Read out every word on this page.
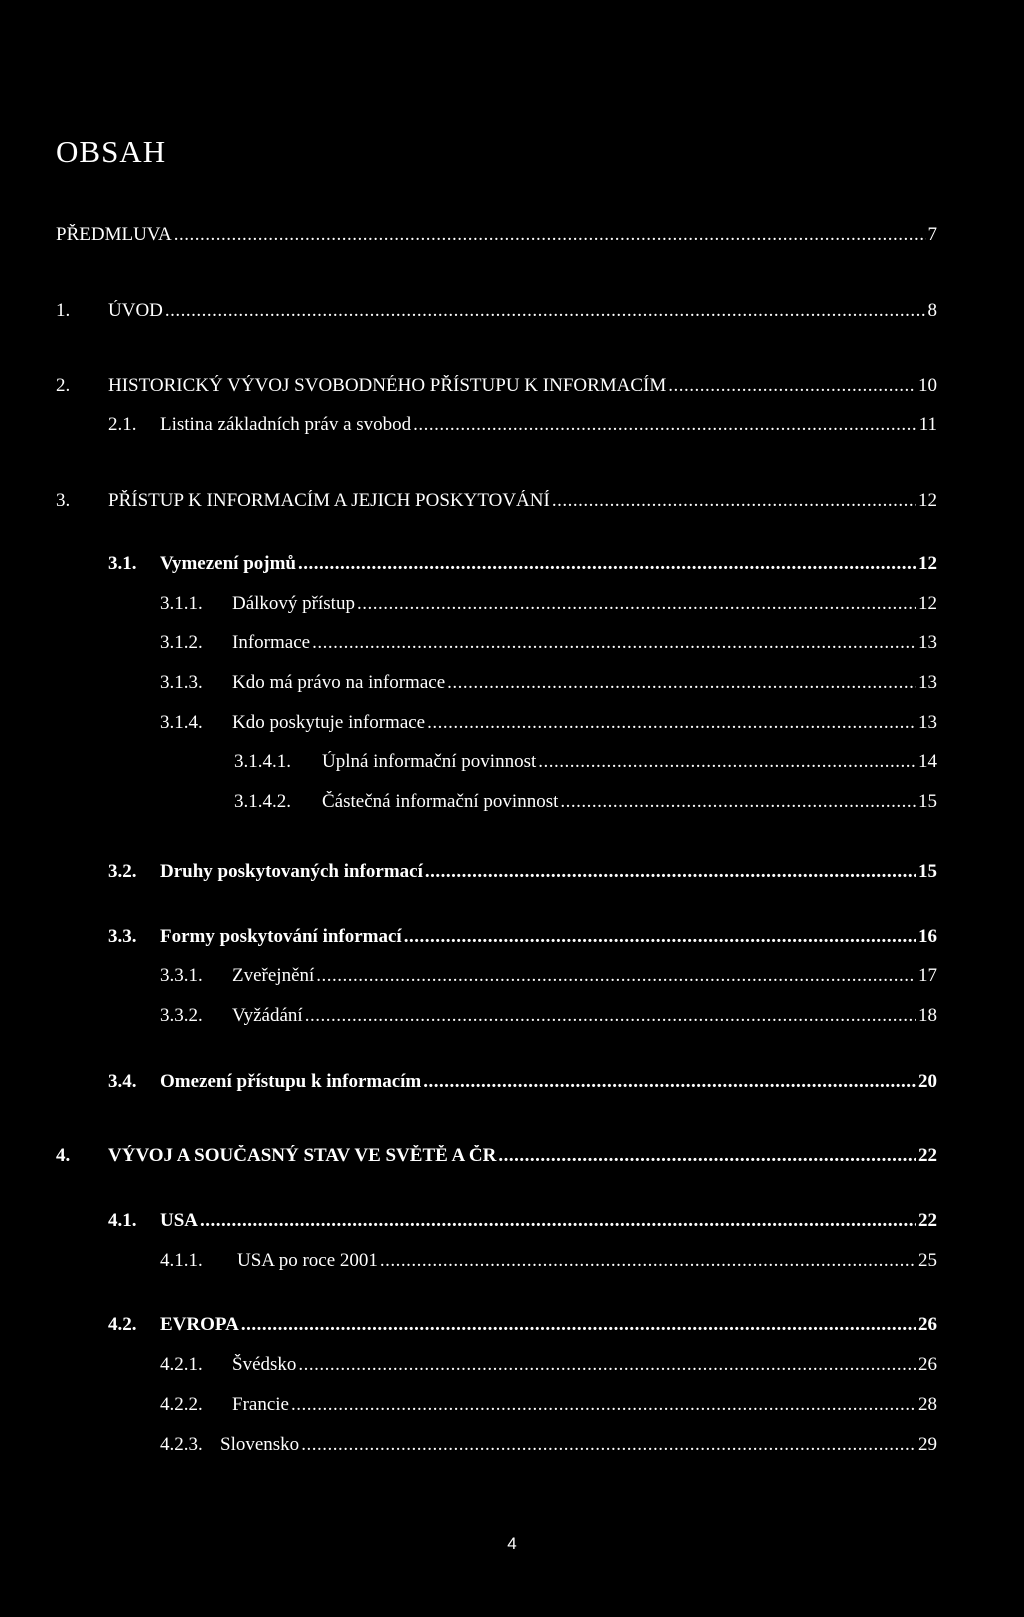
OBSAH
PŘEDMLUVA .....	7
1.	ÚVOD .....	8
2.	HISTORICKÝ VÝVOJ SVOBODNÉHO PŘÍSTUPU K INFORMACÍM .....	10
2.1.	Listina základních práv a svobod .....	11
3.	PŘÍSTUP K INFORMACÍM A JEJICH POSKYTOVÁNÍ .....	12
3.1.	Vymezení pojmů .....	12
3.1.1.	Dálkový přístup .....	12
3.1.2.	Informace .....	13
3.1.3.	Kdo má právo na informace .....	13
3.1.4.	Kdo poskytuje informace .....	13
3.1.4.1.	Úplná informační povinnost .....	14
3.1.4.2.	Částečná informační povinnost .....	15
3.2.	Druhy poskytovaných informací .....	15
3.3.	Formy poskytování informací .....	16
3.3.1.	Zveřejnění .....	17
3.3.2.	Vyžádání .....	18
3.4.	Omezení přístupu k informacím .....	20
4.	VÝVOJ A SOUČASNÝ STAV VE SVĚTĚ A ČR .....	22
4.1.	USA .....	22
4.1.1.	USA po roce 2001 .....	25
4.2.	EVROPA .....	26
4.2.1.	Švédsko .....	26
4.2.2.	Francie .....	28
4.2.3. Slovensko .....	29
4
